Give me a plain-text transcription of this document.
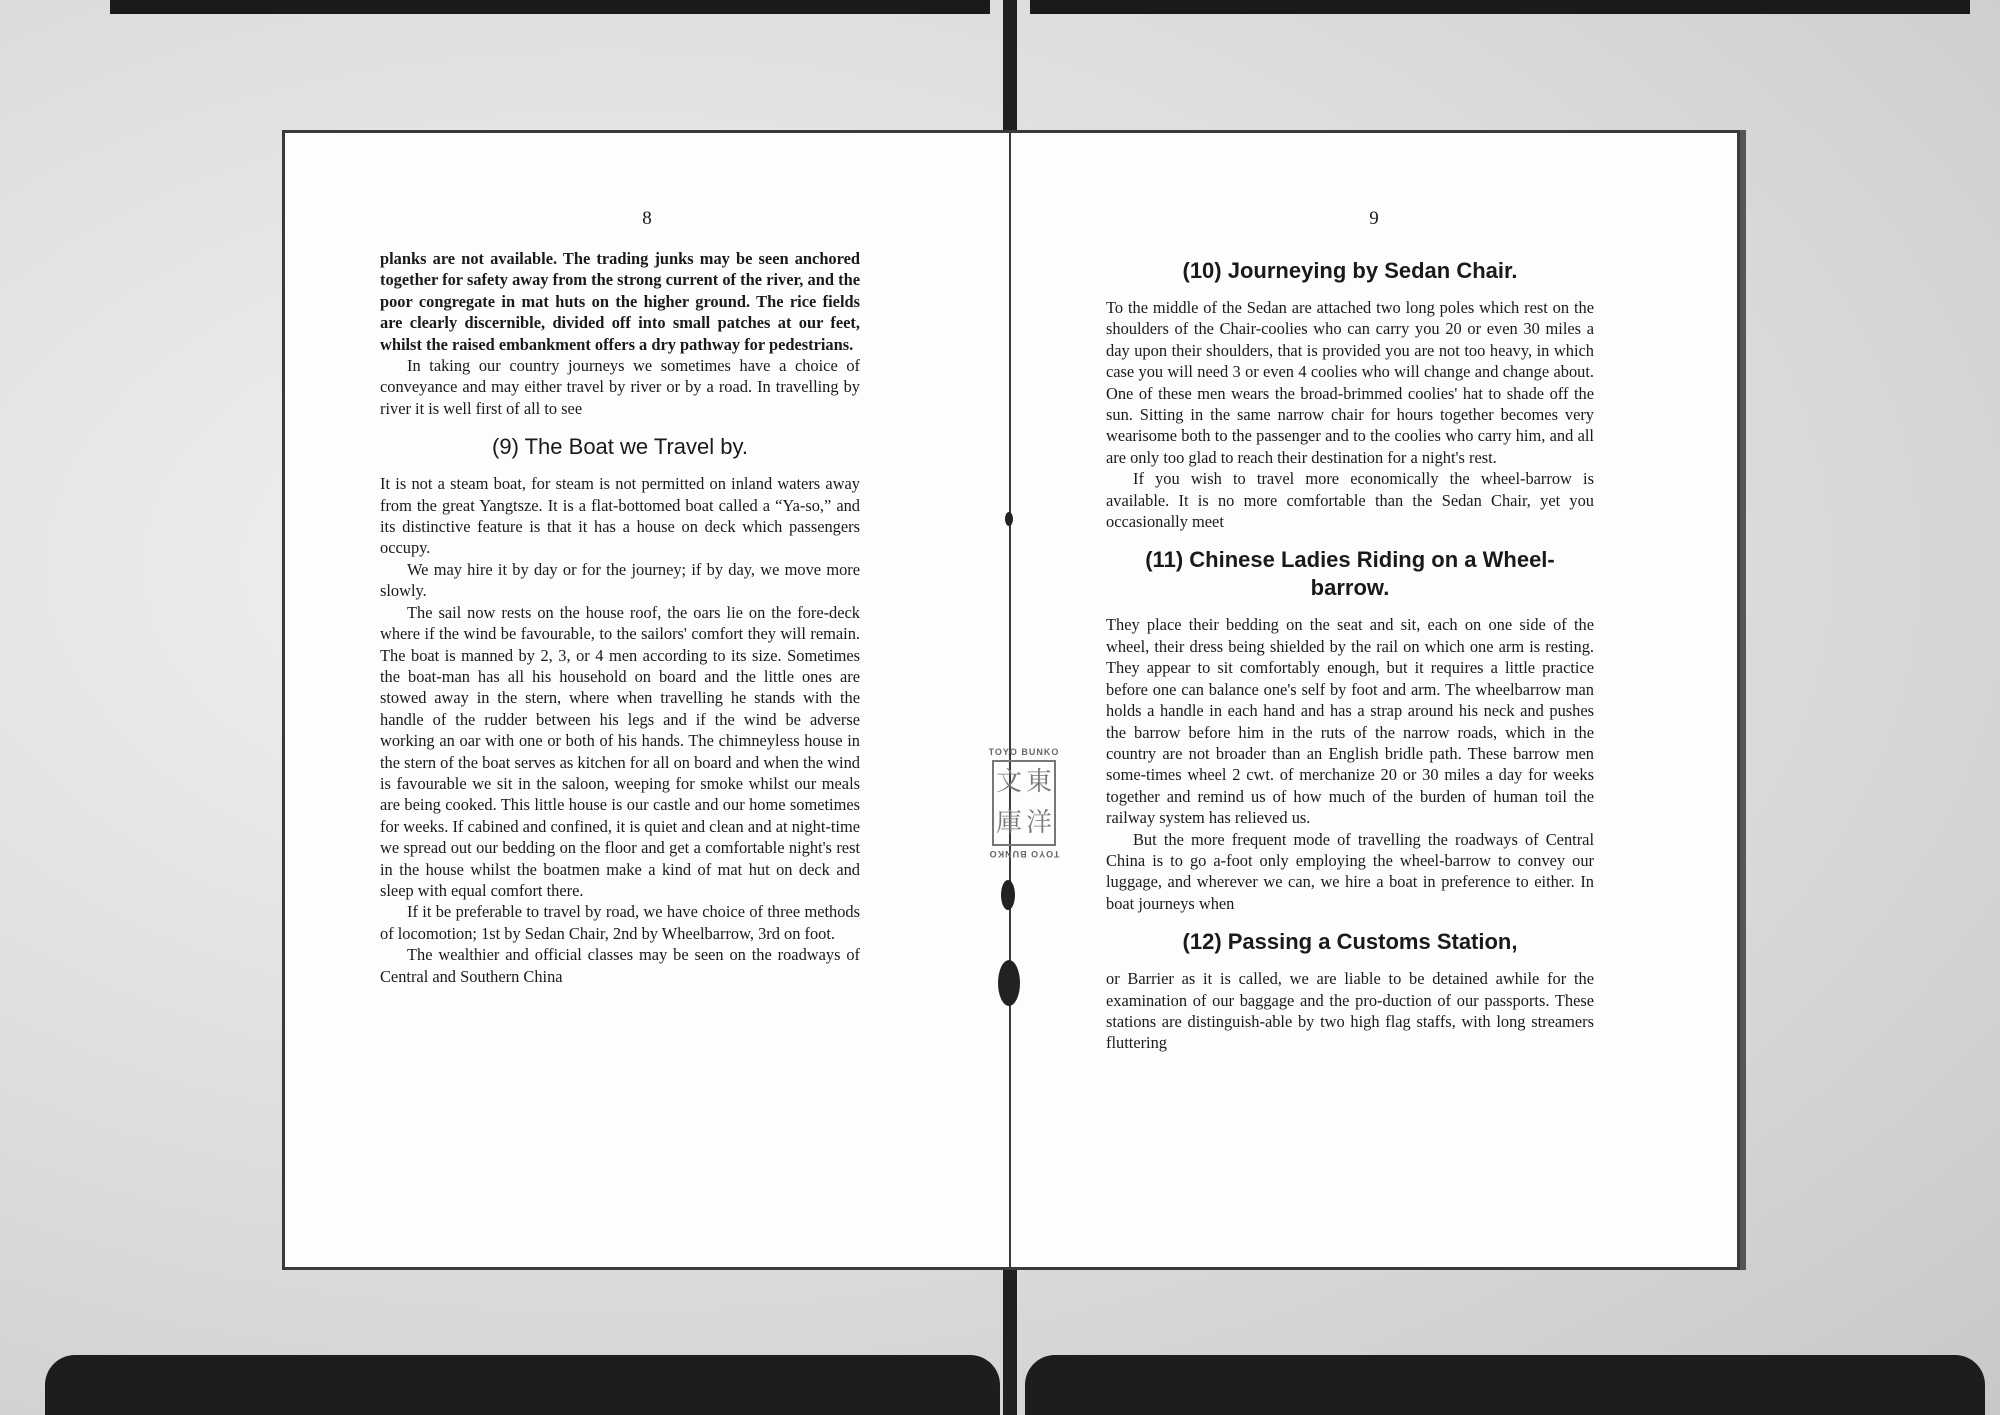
8

planks are not available. The trading junks may be seen anchored together for safety away from the strong current of the river, and the poor congregate in mat huts on the higher ground. The rice fields are clearly discernible, divided off into small patches at our feet, whilst the raised embankment offers a dry pathway for pedestrians.

In taking our country journeys we sometimes have a choice of conveyance and may either travel by river or by a road. In travelling by river it is well first of all to see

(9) The Boat we Travel by.

It is not a steam boat, for steam is not permitted on inland waters away from the great Yangtsze. It is a flat-bottomed boat called a “Ya-so,” and its distinctive feature is that it has a house on deck which passengers occupy.

We may hire it by day or for the journey; if by day, we move more slowly.

The sail now rests on the house roof, the oars lie on the fore-deck where if the wind be favourable, to the sailors' comfort they will remain. The boat is manned by 2, 3, or 4 men according to its size. Sometimes the boat-man has all his household on board and the little ones are stowed away in the stern, where when travelling he stands with the handle of the rudder between his legs and if the wind be adverse working an oar with one or both of his hands. The chimneyless house in the stern of the boat serves as kitchen for all on board and when the wind is favourable we sit in the saloon, weeping for smoke whilst our meals are being cooked. This little house is our castle and our home sometimes for weeks. If cabined and confined, it is quiet and clean and at night-time we spread out our bedding on the floor and get a comfortable night's rest in the house whilst the boatmen make a kind of mat hut on deck and sleep with equal comfort there.

If it be preferable to travel by road, we have choice of three methods of locomotion; 1st by Sedan Chair, 2nd by Wheelbarrow, 3rd on foot.

The wealthier and official classes may be seen on the roadways of Central and Southern China

9
(10) Journeying by Sedan Chair.

To the middle of the Sedan are attached two long poles which rest on the shoulders of the Chair-coolies who can carry you 20 or even 30 miles a day upon their shoulders, that is provided you are not too heavy, in which case you will need 3 or even 4 coolies who will change and change about. One of these men wears the broad-brimmed coolies' hat to shade off the sun. Sitting in the same narrow chair for hours together becomes very wearisome both to the passenger and to the coolies who carry him, and all are only too glad to reach their destination for a night's rest.

If you wish to travel more economically the wheel-barrow is available. It is no more comfortable than the Sedan Chair, yet you occasionally meet

(11) Chinese Ladies Riding on a Wheel-barrow.

They place their bedding on the seat and sit, each on one side of the wheel, their dress being shielded by the rail on which one arm is resting. They appear to sit comfortably enough, but it requires a little practice before one can balance one's self by foot and arm. The wheelbarrow man holds a handle in each hand and has a strap around his neck and pushes the barrow before him in the ruts of the narrow roads, which in the country are not broader than an English bridle path. These barrow men some-times wheel 2 cwt. of merchanize 20 or 30 miles a day for weeks together and remind us of how much of the burden of human toil the railway system has relieved us.

But the more frequent mode of travelling the roadways of Central China is to go a-foot only employing the wheel-barrow to convey our luggage, and wherever we can, we hire a boat in preference to either. In boat journeys when

(12) Passing a Customs Station,

or Barrier as it is called, we are liable to be detained awhile for the examination of our baggage and the pro-duction of our passports. These stations are distinguish-able by two high flag staffs, with long streamers fluttering

TOYO BUNKO
文 東
庫 洋
TOYO BUNKO
